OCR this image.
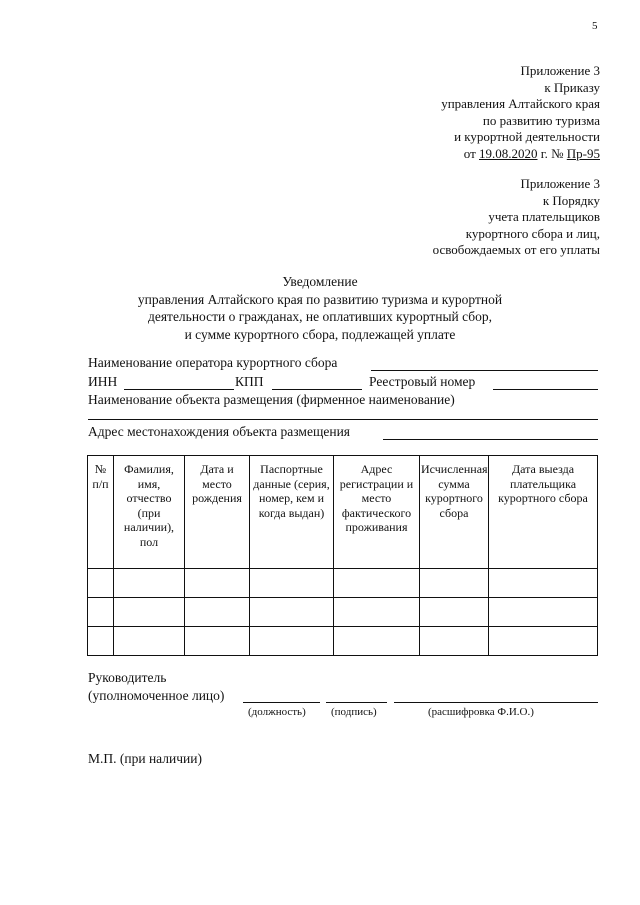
5
Приложение 3
к Приказу
управления Алтайского края
по развитию туризма
и курортной деятельности
от 19.08.2020 г. № Пр-95
Приложение 3
к Порядку
учета плательщиков
курортного сбора и лиц,
освобождаемых от его уплаты
Уведомление
управления Алтайского края по развитию туризма и курортной
деятельности о гражданах, не оплативших курортный сбор,
и сумме курортного сбора, подлежащей уплате
Наименование оператора курортного сбора
ИНН	КПП	Реестровый номер
Наименование объекта размещения (фирменное наименование)
Адрес местонахождения объекта размещения
№ п/п	Фамилия, имя, отчество (при наличии), пол	Дата и место рождения	Паспортные данные (серия, номер, кем и когда выдан)	Адрес регистрации и место фактического проживания	Исчисленная сумма курортного сбора	Дата выезда плательщика курортного сбора

Руководитель
(уполномоченное лицо)
(должность) (подпись)	(расшифровка Ф.И.О.)
М.П. (при наличии)
